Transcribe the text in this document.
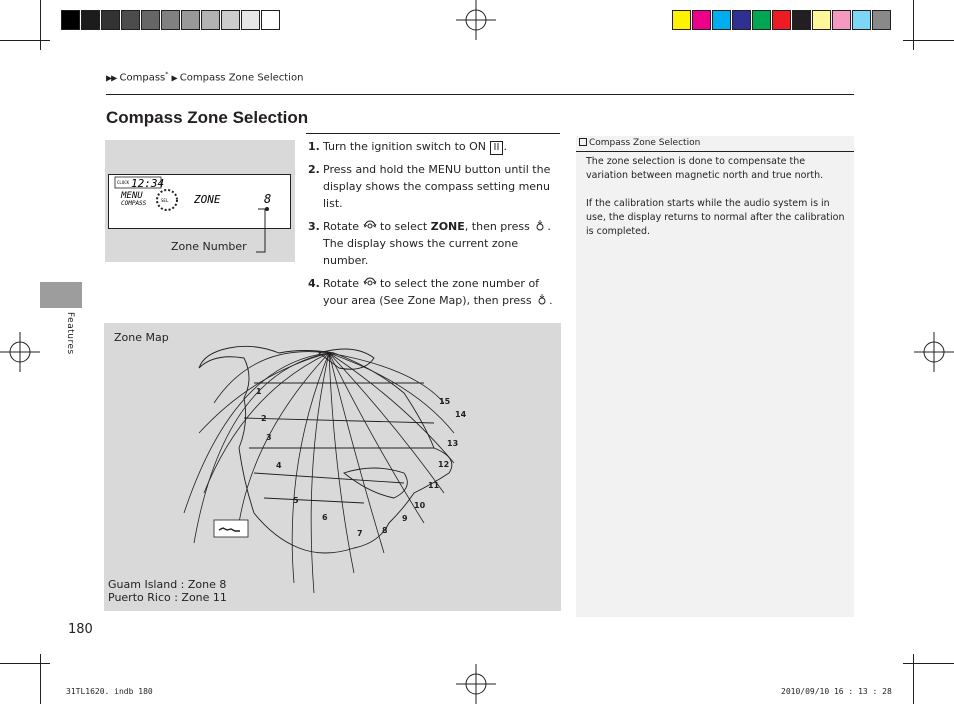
▶▶ Compass* ▶ Compass Zone Selection
Compass Zone Selection
Features
CLOCK 12:34
MENU
COMPASS	SEL ZONE	8
Zone Number
1. Turn the ignition switch to ON II .
2. Press and hold the MENU button until the display shows the compass setting menu list.
3. Rotate  to select ZONE, then press . The display shows the current zone number.
4. Rotate  to select the zone number of your area (See Zone Map), then press .
Compass Zone Selection

The zone selection is done to compensate the variation between magnetic north and true north.

If the calibration starts while the audio system is in use, the display returns to normal after the calibration is completed.

Zone Map
1
2
3
4
5
6
7 8
9
10
11
12
13
14
15
Guam Island : Zone 8
Puerto Rico : Zone 11
180
31TL1620. indb 180	2010/09/10 16 : 13 : 28
